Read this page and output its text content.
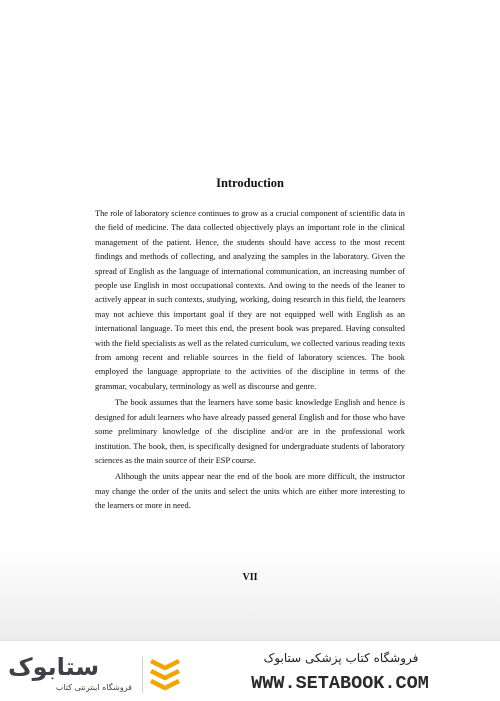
Introduction

The role of laboratory science continues to grow as a crucial component of scientific data in the field of medicine. The data collected objectively plays an important role in the clinical management of the patient. Hence, the students should have access to the most recent findings and methods of collecting, and analyzing the samples in the laboratory. Given the spread of English as the language of international communication, an increasing number of people use English in most occupational contexts. And owing to the needs of the leaner to actively appear in such contexts, studying, working, doing research in this field, the learners may not achieve this important goal if they are not equipped well with English as an international language. To meet this end, the present book was prepared. Having consulted with the field specialists as well as the related curriculum, we collected various reading texts from among recent and reliable sources in the field of laboratory sciences. The book employed the language appropriate to the activities of the discipline in terms of the grammar, vocabulary, terminology as well as discourse and genre.

The book assumes that the learners have some basic knowledge English and hence is designed for adult learners who have already passed general English and for those who have some preliminary knowledge of the discipline and/or are in the professional work institution. The book, then, is specifically designed for undergraduate students of laboratory sciences as the main source of their ESP course.

Although the units appear near the end of the book are more difficult, the instructor may change the order of the units and select the units which are either more interesting to the learners or more in need.

VII
ستابوک
فروشگاه اینترنتی کتاب
فروشگاه کتاب پزشکی ستابوک
WWW.SETABOOK.COM
